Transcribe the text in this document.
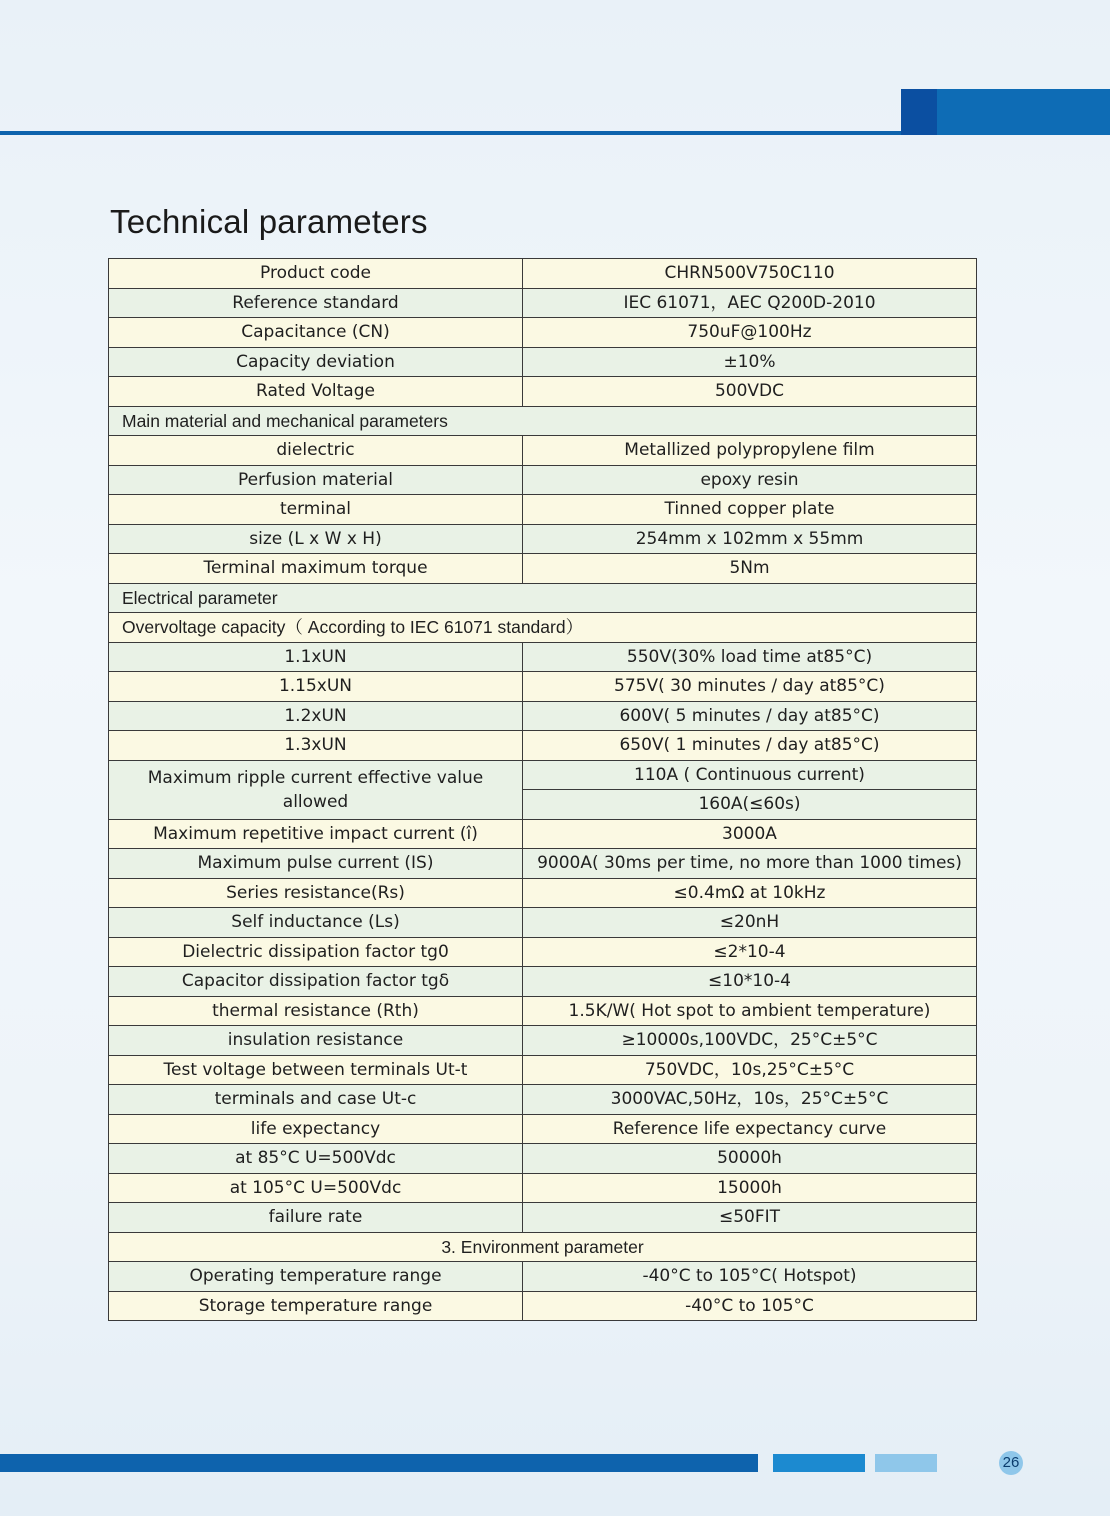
Technical parameters
Product code	CHRN500V750C110
Reference standard	IEC 61071，AEC Q200D-2010
Capacitance (CN)	750uF@100Hz
Capacity deviation	±10%
Rated Voltage	500VDC
Main material and mechanical parameters	
dielectric	Metallized polypropylene film
Perfusion material	epoxy resin
terminal	Tinned copper plate
size (L x W x H)	254mm x 102mm x 55mm
Terminal maximum torque	5Nm
Electrical parameter	
Overvoltage capacity（ According to IEC 61071 standard）	
1.1xUN	550V(30% load time at85°C)
1.15xUN	575V( 30 minutes / day at85°C)
1.2xUN	600V( 5 minutes / day at85°C)
1.3xUN	650V( 1 minutes / day at85°C)
Maximum ripple current effective value allowed	110A ( Continuous current)
	160A(≤60s)
Maximum repetitive impact current (î)	3000A
Maximum pulse current (IS)	9000A( 30ms per time, no more than 1000 times)
Series resistance(Rs)	≤0.4mΩ at 10kHz
Self inductance (Ls)	≤20nH
Dielectric dissipation factor tg0	≤2*10-4
Capacitor dissipation factor tgδ	≤10*10-4
thermal resistance (Rth)	1.5K/W( Hot spot to ambient temperature)
insulation resistance	≥10000s,100VDC，25°C±5°C
Test voltage between terminals Ut-t	750VDC，10s,25°C±5°C
terminals and case Ut-c	3000VAC,50Hz，10s，25°C±5°C
life expectancy	Reference life expectancy curve
at 85°C U=500Vdc	50000h
at 105°C U=500Vdc	15000h
failure rate	≤50FIT
3. Environment parameter	
Operating temperature range	-40°C to 105°C( Hotspot)
Storage temperature range	-40°C to 105°C
26
